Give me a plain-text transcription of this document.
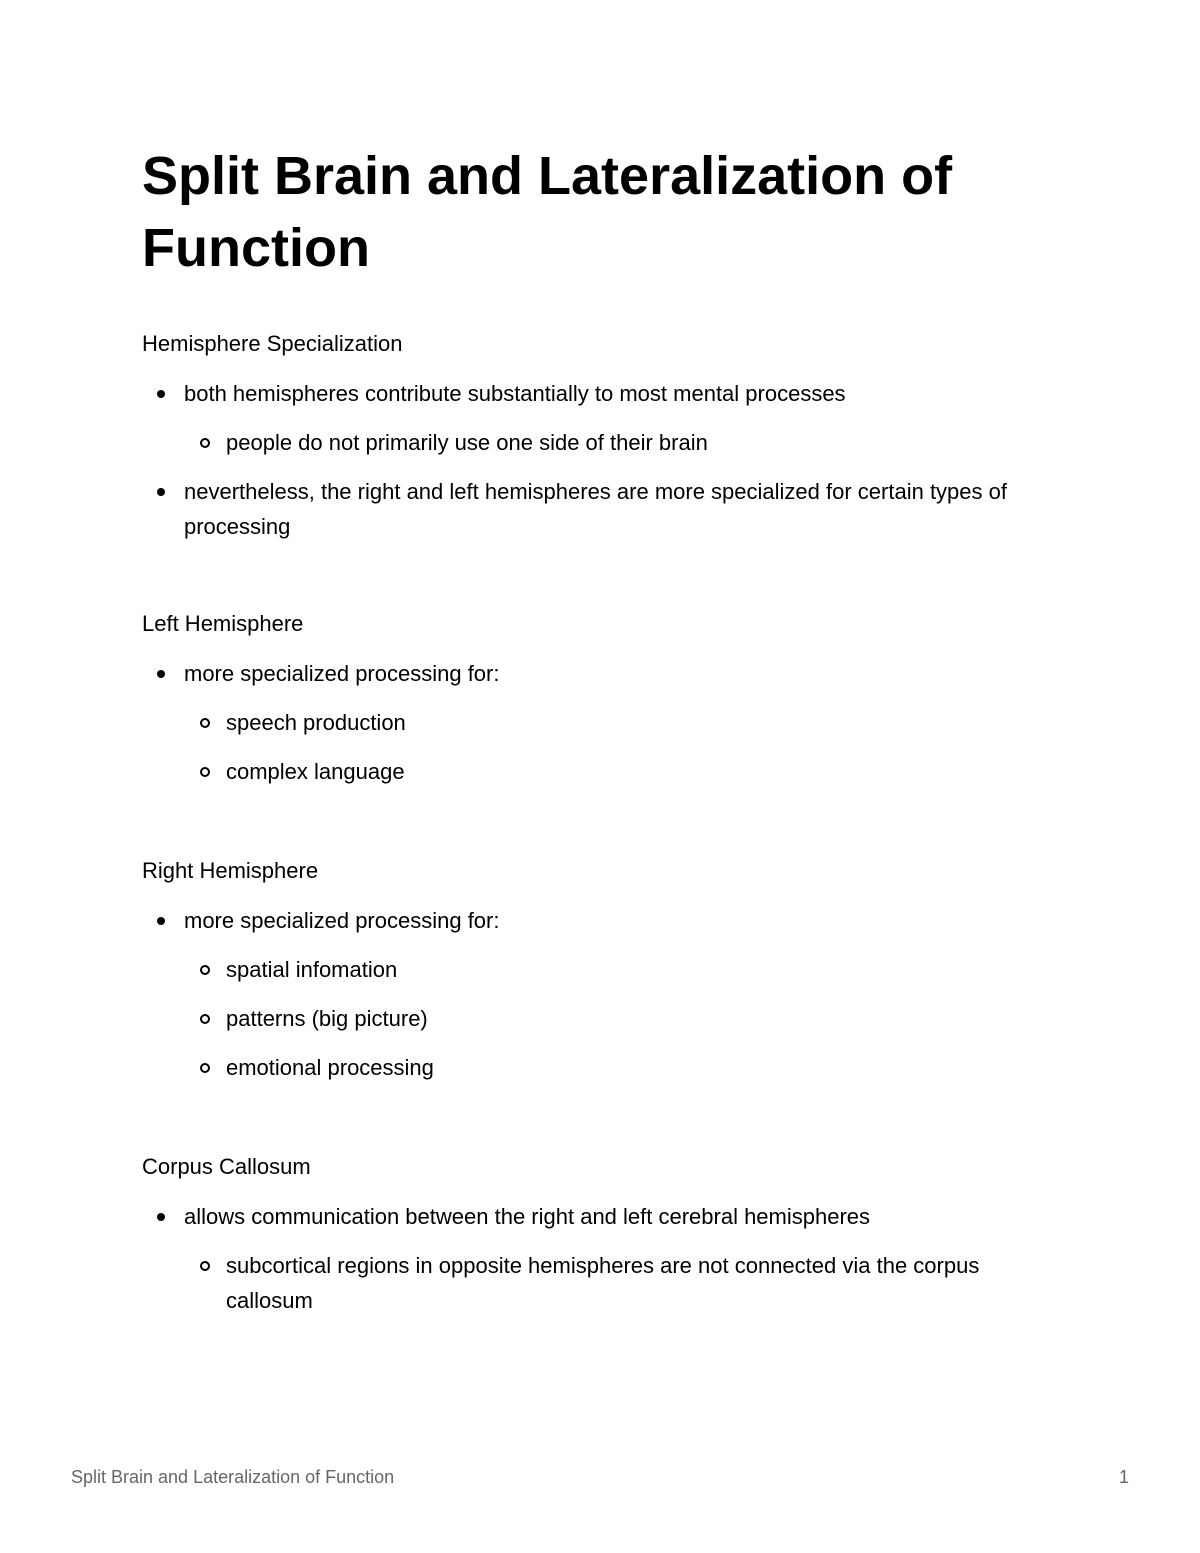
Split Brain and Lateralization of Function
Hemisphere Specialization
both hemispheres contribute substantially to most mental processes
people do not primarily use one side of their brain
nevertheless, the right and left hemispheres are more specialized for certain types of processing
Left Hemisphere
more specialized processing for:
speech production
complex language
Right Hemisphere
more specialized processing for:
spatial infomation
patterns (big picture)
emotional processing
Corpus Callosum
allows communication between the right and left cerebral hemispheres
subcortical regions in opposite hemispheres are not connected via the corpus callosum
Split Brain and Lateralization of Function	1
